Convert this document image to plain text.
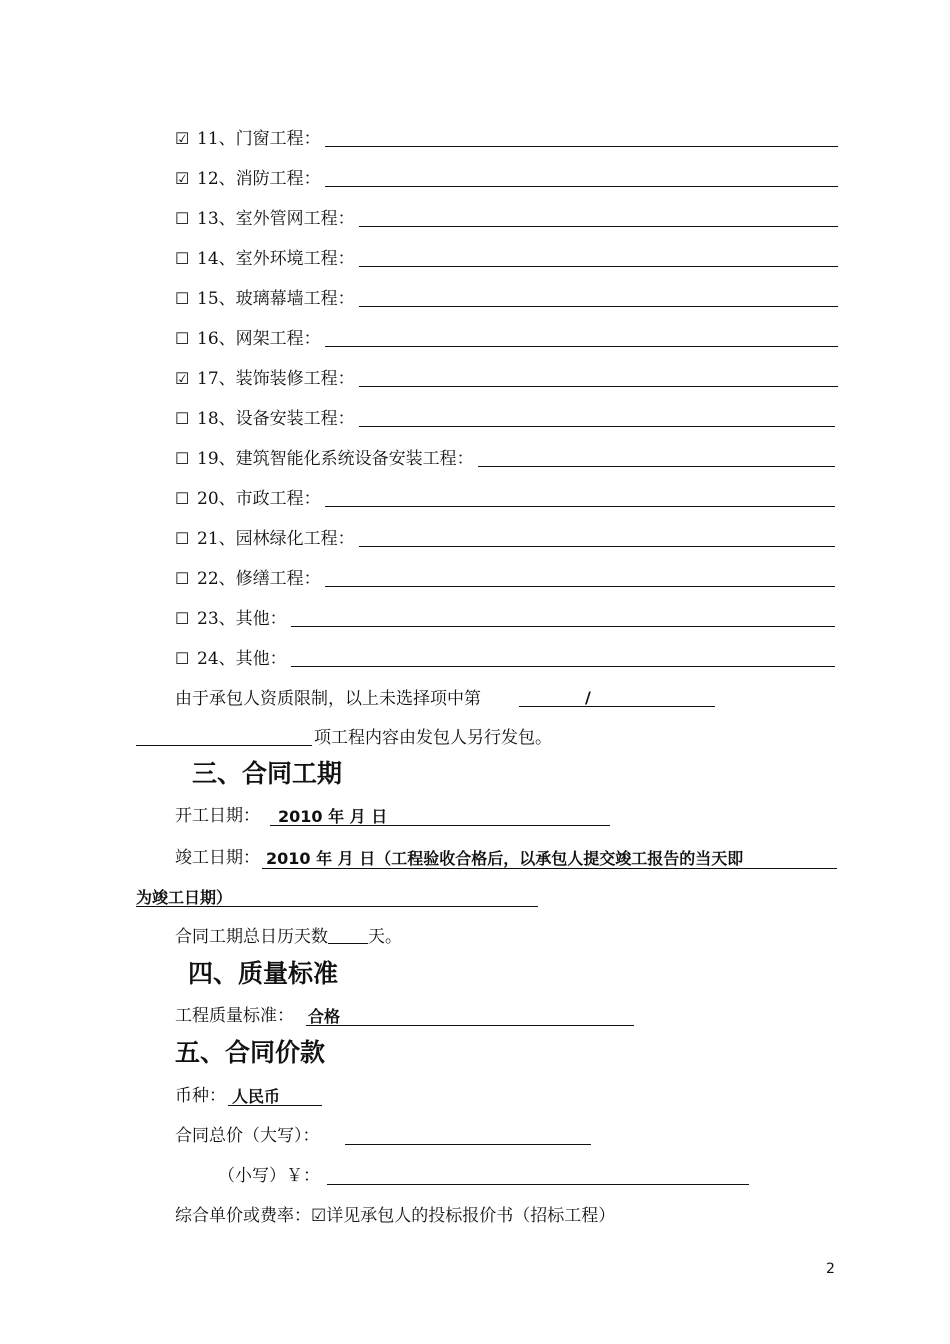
☑ 11、门窗工程：
☑ 12、消防工程：
☐ 13、室外管网工程：
☐ 14、室外环境工程：
☐ 15、玻璃幕墙工程：
☐ 16、网架工程：
☑ 17、装饰装修工程：
☐ 18、设备安装工程：
☐ 19、建筑智能化系统设备安装工程：
☐ 20、市政工程：
☐ 21、园林绿化工程：
☐ 22、修缮工程：
☐ 23、其他：
☐ 24、其他：
由于承包人资质限制，以上未选择项中第	/
项工程内容由发包人另行发包。
三、合同工期
开工日期： 2010 年 月 日
竣工日期： 2010 年 月 日（工程验收合格后，以承包人提交竣工报告的当天即
为竣工日期）
合同工期总日历天数 天。
四、质量标准
工程质量标准： 合格
五、合同价款
币种： 人民币
合同总价（大写）：
（小写）￥：
综合单价或费率：☑详见承包人的投标报价书（招标工程）
2
